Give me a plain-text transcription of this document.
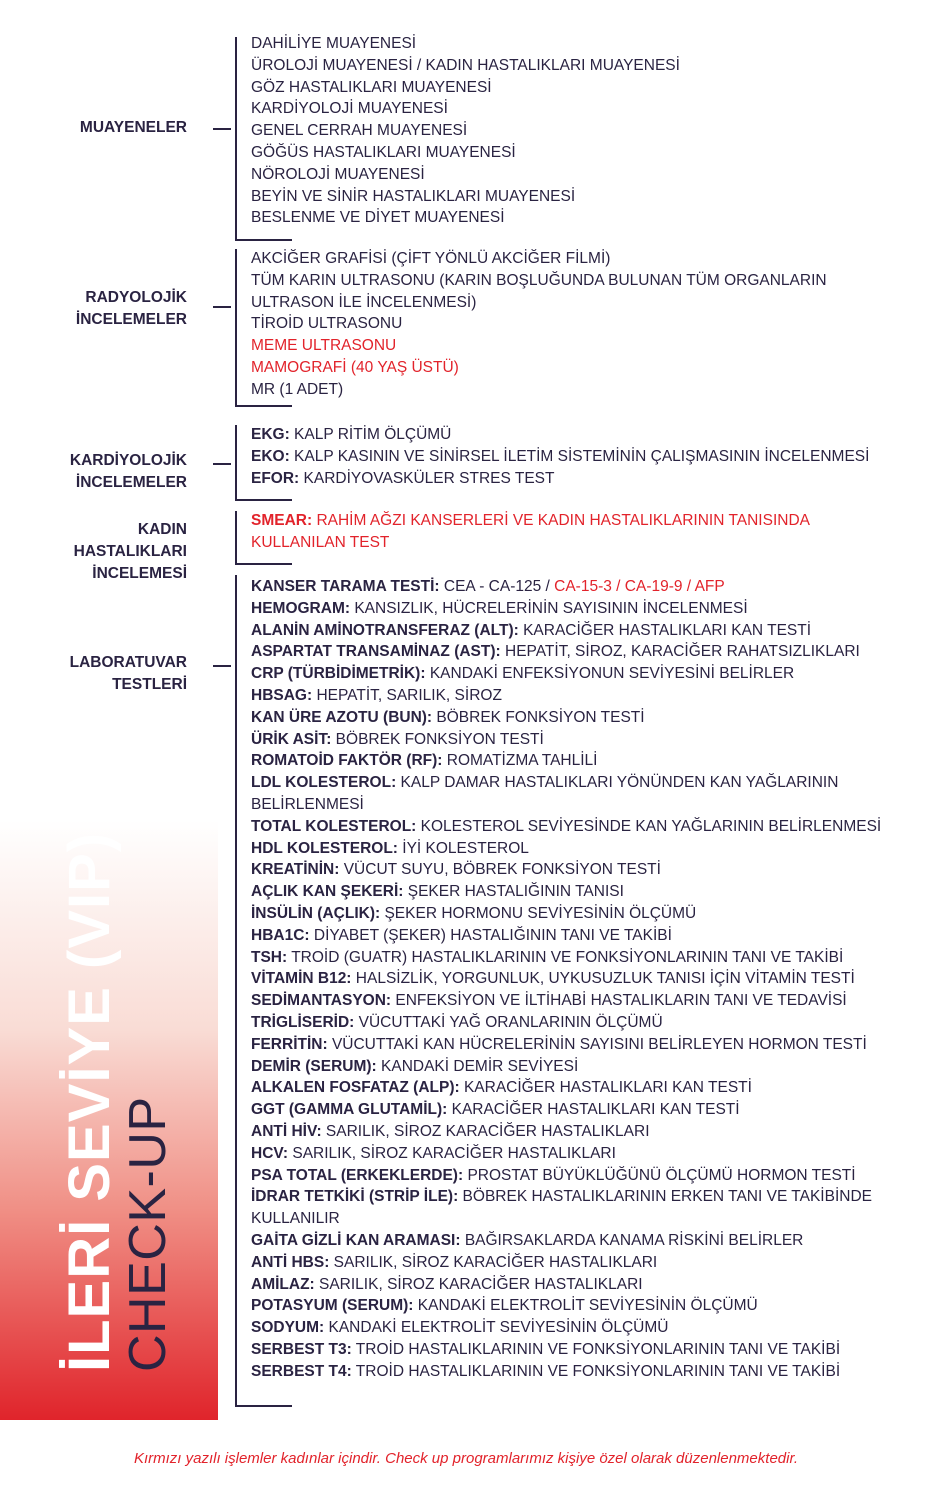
İLERİ SEVİYE (VIP)
CHECK-UP
MUAYENELER
DAHİLİYE MUAYENESİ
ÜROLOJİ MUAYENESİ / KADIN HASTALIKLARI MUAYENESİ
GÖZ HASTALIKLARI MUAYENESİ
KARDİYOLOJİ MUAYENESİ
GENEL CERRAH MUAYENESİ
GÖĞÜS HASTALIKLARI MUAYENESİ
NÖROLOJİ MUAYENESİ
BEYİN VE SİNİR HASTALIKLARI MUAYENESİ
BESLENME VE DİYET MUAYENESİ
RADYOLOJİK
İNCELEMELER
AKCİĞER GRAFİSİ (ÇİFT YÖNLÜ AKCİĞER FİLMİ)
TÜM KARIN ULTRASONU (KARIN BOŞLUĞUNDA BULUNAN TÜM ORGANLARIN ULTRASON İLE İNCELENMESİ)
TİROİD ULTRASONU
MEME ULTRASONU
MAMOGRAFİ (40 YAŞ ÜSTÜ)
MR (1 ADET)
KARDİYOLOJİK
İNCELEMELER
EKG: KALP RİTİM ÖLÇÜMÜ
EKO: KALP KASININ VE SİNİRSEL İLETİM SİSTEMİNİN ÇALIŞMASININ İNCELENMESİ
EFOR: KARDİYOVASKÜLER STRES TEST
KADIN
HASTALIKLARI
İNCELEMESİ
SMEAR: RAHİM AĞZI KANSERLERİ VE KADIN HASTALIKLARININ TANISINDA KULLANILAN TEST
LABORATUVAR
TESTLERİ
KANSER TARAMA TESTİ: CEA - CA-125 / CA-15-3 / CA-19-9 / AFP
HEMOGRAM: KANSIZLIK, HÜCRELERİNİN SAYISININ İNCELENMESİ
ALANİN AMİNOTRANSFERAZ (ALT): KARACİĞER HASTALIKLARI KAN TESTİ
ASPARTAT TRANSAMİNAZ (AST): HEPATİT, SİROZ, KARACİĞER RAHATSIZLIKLARI
CRP (TÜRBİDİMETRİK): KANDAKİ ENFEKSİYONUN SEVİYESİNİ BELİRLER
HBSAG: HEPATİT, SARILIK, SİROZ
KAN ÜRE AZOTU (BUN): BÖBREK FONKSİYON TESTİ
ÜRİK ASİT: BÖBREK FONKSİYON TESTİ
ROMATOİD FAKTÖR (RF): ROMATİZMA TAHLİLİ
LDL KOLESTEROL: KALP DAMAR HASTALIKLARI YÖNÜNDEN KAN YAĞLARININ BELİRLENMESİ
TOTAL KOLESTEROL: KOLESTEROL SEVİYESİNDE KAN YAĞLARININ BELİRLENMESİ
HDL KOLESTEROL: İYİ KOLESTEROL
KREATİNİN: VÜCUT SUYU, BÖBREK FONKSİYON TESTİ
AÇLIK KAN ŞEKERİ: ŞEKER HASTALIĞININ TANISI
İNSÜLİN (AÇLIK): ŞEKER HORMONU SEVİYESİNİN ÖLÇÜMÜ
HBA1C: DİYABET (ŞEKER) HASTALIĞININ TANI VE TAKİBİ
TSH: TROİD (GUATR) HASTALIKLARININ VE FONKSİYONLARININ TANI VE TAKİBİ
VİTAMİN B12: HALSİZLİK, YORGUNLUK, UYKUSUZLUK TANISI İÇİN VİTAMİN TESTİ
SEDİMANTASYON: ENFEKSİYON VE İLTİHABİ HASTALIKLARIN TANI VE TEDAVİSİ
TRİGLİSERİD: VÜCUTTAKİ YAĞ ORANLARININ ÖLÇÜMÜ
FERRİTİN: VÜCUTTAKİ KAN HÜCRELERİNİN SAYISINI BELİRLEYEN HORMON TESTİ
DEMİR (SERUM): KANDAKİ DEMİR SEVİYESİ
ALKALEN FOSFATAZ (ALP): KARACİĞER HASTALIKLARI KAN TESTİ
GGT (GAMMA GLUTAMİL): KARACİĞER HASTALIKLARI KAN TESTİ
ANTİ HİV: SARILIK, SİROZ KARACİĞER HASTALIKLARI
HCV: SARILIK, SİROZ KARACİĞER HASTALIKLARI
PSA TOTAL (ERKEKLERDE): PROSTAT BÜYÜKLÜĞÜNÜ ÖLÇÜMÜ HORMON TESTİ
İDRAR TETKİKİ (STRİP İLE): BÖBREK HASTALIKLARININ ERKEN TANI VE TAKİBİNDE KULLANILIR
GAİTA GİZLİ KAN ARAMASI: BAĞIRSAKLARDA KANAMA RİSKİNİ BELİRLER
ANTİ HBS: SARILIK, SİROZ KARACİĞER HASTALIKLARI
AMİLAZ: SARILIK, SİROZ KARACİĞER HASTALIKLARI
POTASYUM (SERUM): KANDAKİ ELEKTROLİT SEVİYESİNİN ÖLÇÜMÜ
SODYUM: KANDAKİ ELEKTROLİT SEVİYESİNİN ÖLÇÜMÜ
SERBEST T3: TROİD HASTALIKLARININ VE FONKSİYONLARININ TANI VE TAKİBİ
SERBEST T4: TROİD HASTALIKLARININ VE FONKSİYONLARININ TANI VE TAKİBİ
Kırmızı yazılı işlemler kadınlar içindir. Check up programlarımız kişiye özel olarak düzenlenmektedir.
